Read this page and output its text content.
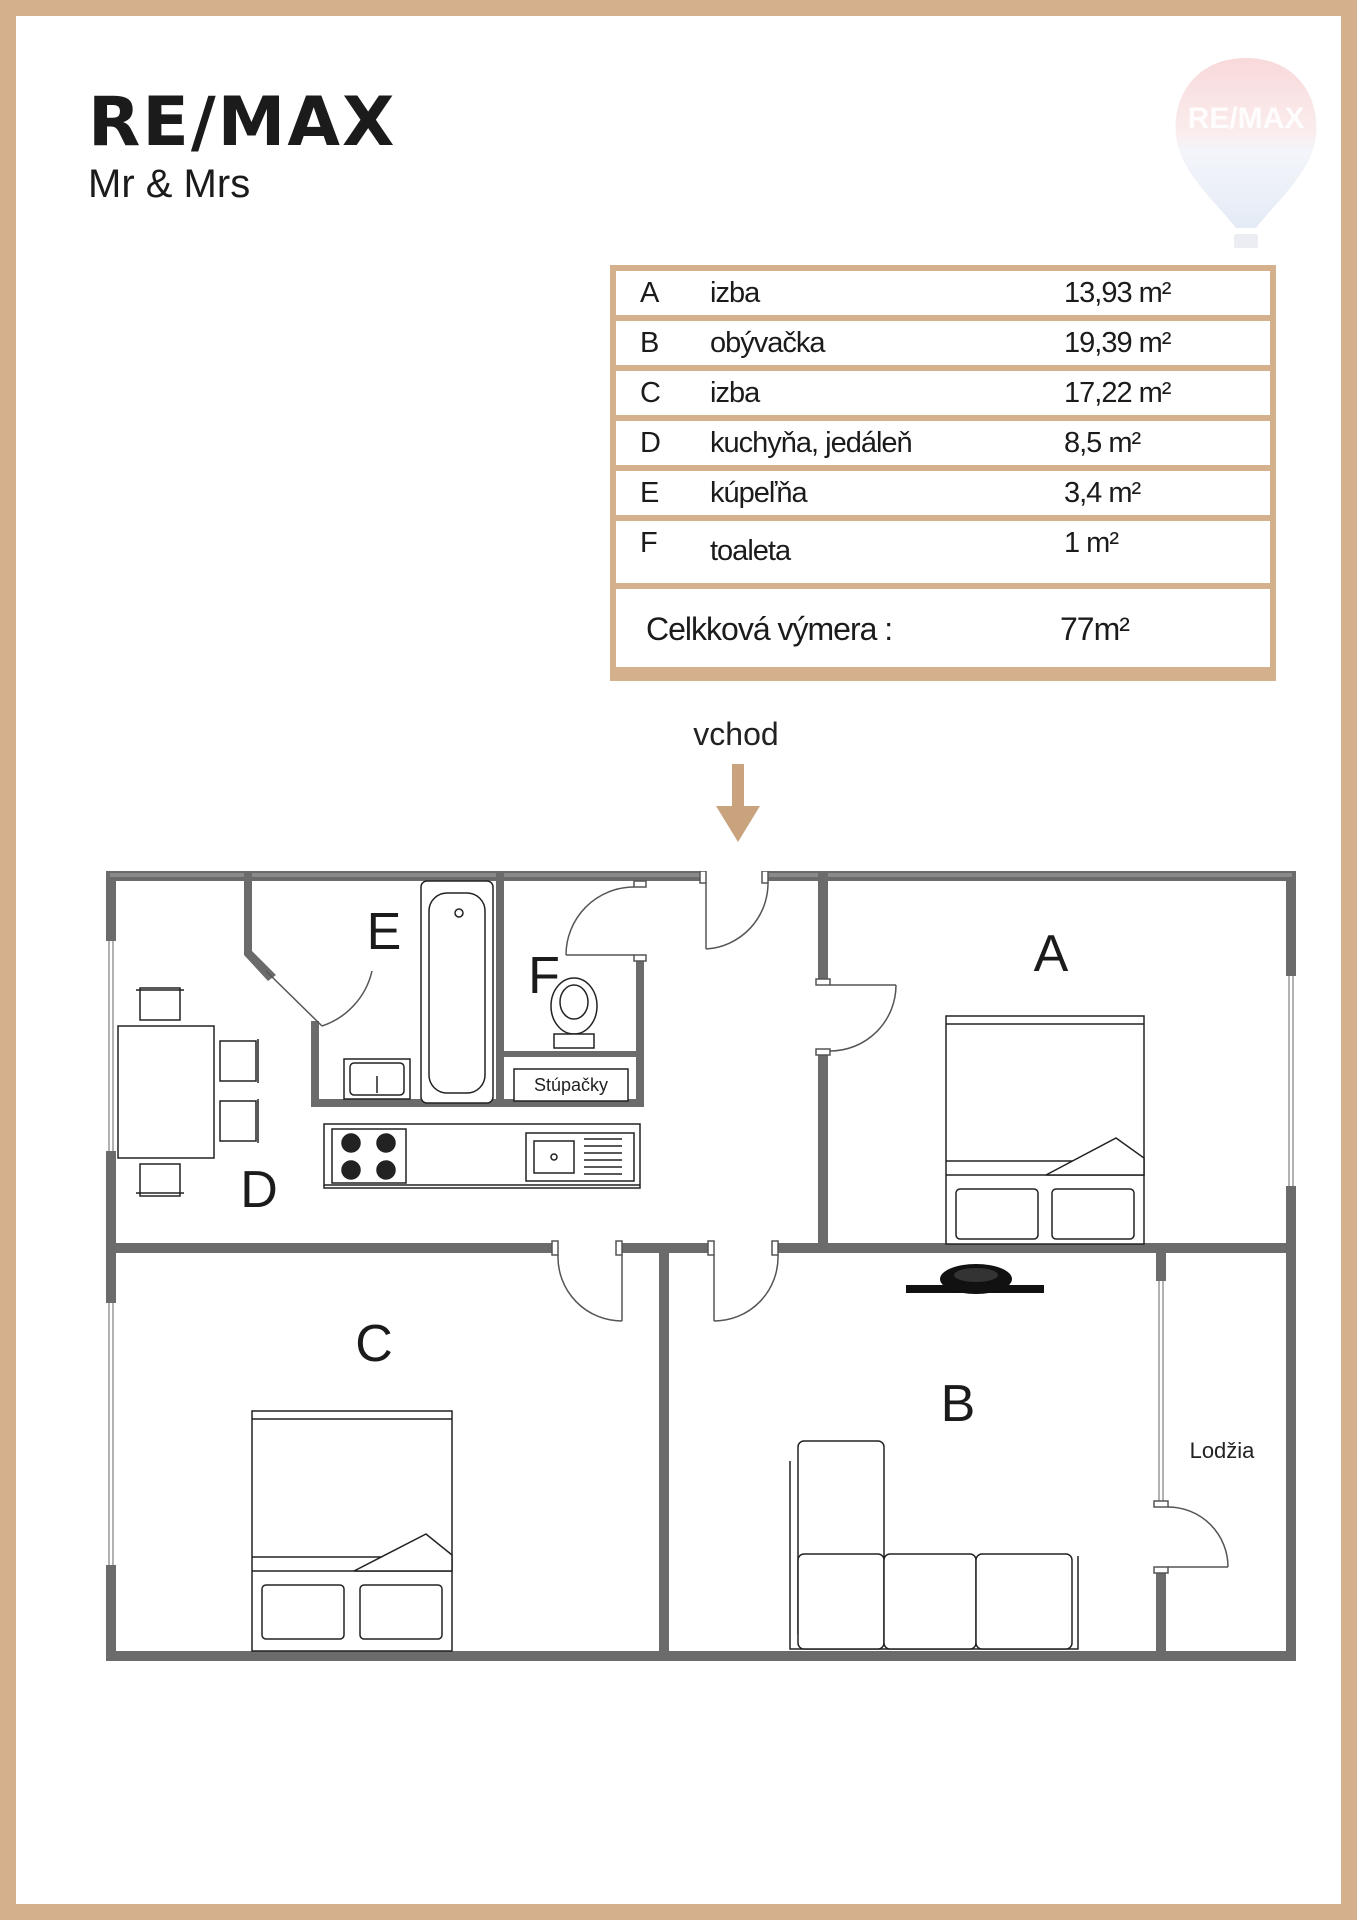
RE/MAX
Mr & Mrs
RE/MAX
A izba	13,93 m²
B obývačka	19,39 m²
C izba	17,22 m²
D kuchyňa, jedáleň	8,5 m²
E kúpeľňa	3,4 m²
F toaleta	1 m²
Celkková výmera :	77m²
vchod
Stúpačky
A
B
C
D
E
F
Lodžia
